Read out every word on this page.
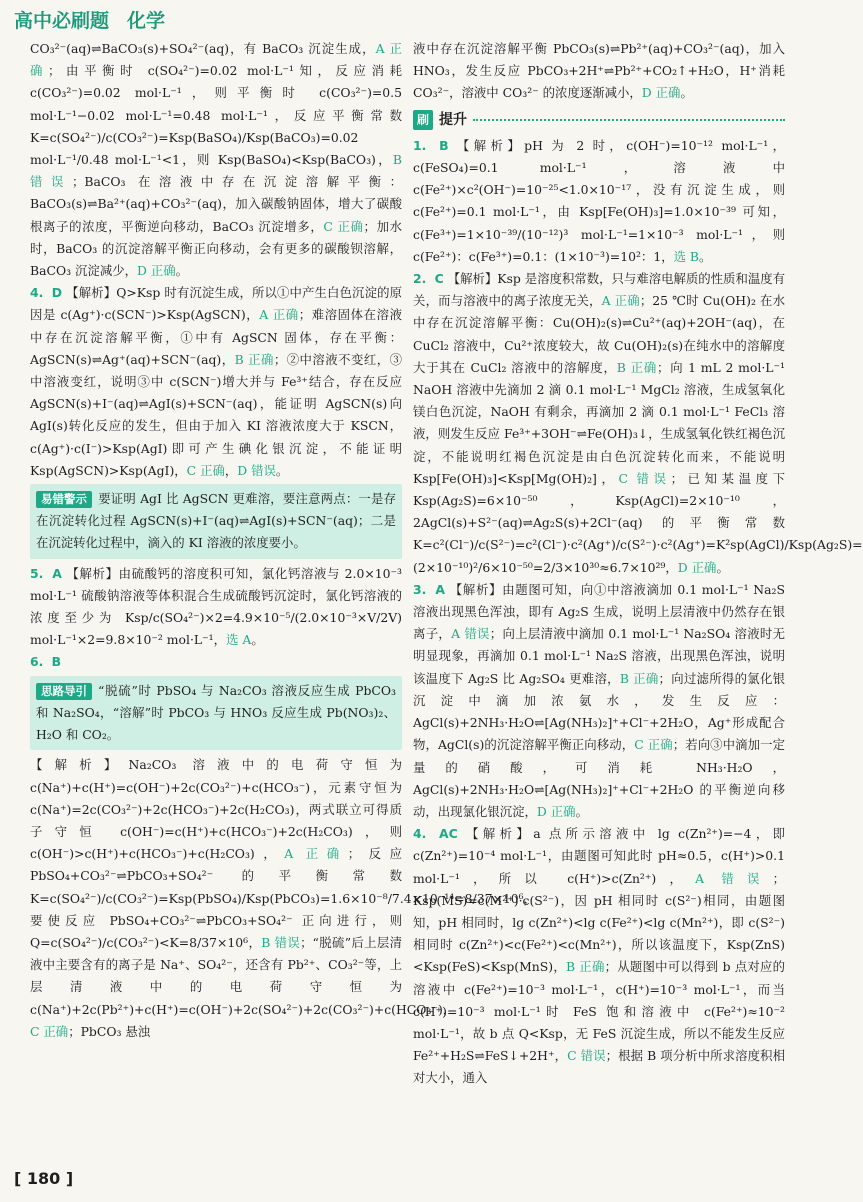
高中必刷题 化学

CO₃²⁻(aq)⇌BaCO₃(s)+SO₄²⁻(aq)，有 BaCO₃ 沉淀生成，A 正确；由平衡时 c(SO₄²⁻)=0.02 mol·L⁻¹知，反应消耗 c(CO₃²⁻)=0.02 mol·L⁻¹，则平衡时 c(CO₃²⁻)=0.5 mol·L⁻¹−0.02 mol·L⁻¹=0.48 mol·L⁻¹，反应平衡常数 K=c(SO₄²⁻)/c(CO₃²⁻)=Ksp(BaSO₄)/Ksp(BaCO₃)=0.02 mol·L⁻¹/0.48 mol·L⁻¹<1，则 Ksp(BaSO₄)<Ksp(BaCO₃)，B 错误；BaCO₃ 在溶液中存在沉淀溶解平衡：BaCO₃(s)⇌Ba²⁺(aq)+CO₃²⁻(aq)，加入碳酸钠固体，增大了碳酸根离子的浓度，平衡逆向移动，BaCO₃ 沉淀增多，C 正确；加水时，BaCO₃ 的沉淀溶解平衡正向移动，会有更多的碳酸钡溶解，BaCO₃ 沉淀减少，D 正确。

4. D 【解析】Q>Ksp 时有沉淀生成，所以①中产生白色沉淀的原因是 c(Ag⁺)·c(SCN⁻)>Ksp(AgSCN)，A 正确；难溶固体在溶液中存在沉淀溶解平衡，①中有 AgSCN 固体，存在平衡：AgSCN(s)⇌Ag⁺(aq)+SCN⁻(aq)，B 正确；②中溶液不变红，③中溶液变红，说明③中 c(SCN⁻)增大并与 Fe³⁺结合，存在反应 AgSCN(s)+I⁻(aq)⇌AgI(s)+SCN⁻(aq)，能证明 AgSCN(s)向 AgI(s)转化反应的发生，但由于加入 KI 溶液浓度大于 KSCN，c(Ag⁺)·c(I⁻)>Ksp(AgI)即可产生碘化银沉淀，不能证明 Ksp(AgSCN)>Ksp(AgI)，C 正确，D 错误。

易错警示 要证明 AgI 比 AgSCN 更难溶，要注意两点：一是存在沉淀转化过程 AgSCN(s)+I⁻(aq)⇌AgI(s)+SCN⁻(aq)；二是在沉淀转化过程中，滴入的 KI 溶液的浓度要小。

5. A 【解析】由硫酸钙的溶度积可知，氯化钙溶液与 2.0×10⁻³ mol·L⁻¹ 硫酸钠溶液等体积混合生成硫酸钙沉淀时，氯化钙溶液的浓度至少为 Ksp/c(SO₄²⁻)×2=4.9×10⁻⁵/(2.0×10⁻³×V/2V) mol·L⁻¹×2=9.8×10⁻² mol·L⁻¹，选 A。

6. B

思路导引 “脱硫”时 PbSO₄ 与 Na₂CO₃ 溶液反应生成 PbCO₃ 和 Na₂SO₄，“溶解”时 PbCO₃ 与 HNO₃ 反应生成 Pb(NO₃)₂、H₂O 和 CO₂。

【解析】Na₂CO₃ 溶液中的电荷守恒为 c(Na⁺)+c(H⁺)=c(OH⁻)+2c(CO₃²⁻)+c(HCO₃⁻)，元素守恒为 c(Na⁺)=2c(CO₃²⁻)+2c(HCO₃⁻)+2c(H₂CO₃)，两式联立可得质子守恒 c(OH⁻)=c(H⁺)+c(HCO₃⁻)+2c(H₂CO₃)，则 c(OH⁻)>c(H⁺)+c(HCO₃⁻)+c(H₂CO₃)，A 正确；反应 PbSO₄+CO₃²⁻⇌PbCO₃+SO₄²⁻ 的平衡常数 K=c(SO₄²⁻)/c(CO₃²⁻)=Ksp(PbSO₄)/Ksp(PbCO₃)=1.6×10⁻⁸/7.4×10⁻¹⁴=8/37×10⁶，要使反应 PbSO₄+CO₃²⁻⇌PbCO₃+SO₄²⁻ 正向进行，则 Q=c(SO₄²⁻)/c(CO₃²⁻)<K=8/37×10⁶，B 错误；“脱硫”后上层清液中主要含有的离子是 Na⁺、SO₄²⁻，还含有 Pb²⁺、CO₃²⁻等，上层清液中的电荷守恒为 c(Na⁺)+2c(Pb²⁺)+c(H⁺)=c(OH⁻)+2c(SO₄²⁻)+2c(CO₃²⁻)+c(HCO₃⁻)，C 正确；PbCO₃ 悬浊

液中存在沉淀溶解平衡 PbCO₃(s)⇌Pb²⁺(aq)+CO₃²⁻(aq)，加入 HNO₃，发生反应 PbCO₃+2H⁺⇌Pb²⁺+CO₂↑+H₂O，H⁺消耗 CO₃²⁻，溶液中 CO₃²⁻ 的浓度逐渐减小，D 正确。

刷 提升

1. B 【解析】pH 为 2 时，c(OH⁻)=10⁻¹² mol·L⁻¹，c(FeSO₄)=0.1 mol·L⁻¹，溶液中 c(Fe²⁺)×c²(OH⁻)=10⁻²⁵<1.0×10⁻¹⁷，没有沉淀生成，则 c(Fe²⁺)=0.1 mol·L⁻¹，由 Ksp[Fe(OH)₃]=1.0×10⁻³⁹ 可知，c(Fe³⁺)=1×10⁻³⁹/(10⁻¹²)³ mol·L⁻¹=1×10⁻³ mol·L⁻¹，则 c(Fe²⁺)：c(Fe³⁺)=0.1：(1×10⁻³)=10²：1，选 B。

2. C 【解析】Ksp 是溶度积常数，只与难溶电解质的性质和温度有关，而与溶液中的离子浓度无关，A 正确；25 ℃时 Cu(OH)₂ 在水中存在沉淀溶解平衡：Cu(OH)₂(s)⇌Cu²⁺(aq)+2OH⁻(aq)，在 CuCl₂ 溶液中，Cu²⁺浓度较大，故 Cu(OH)₂(s)在纯水中的溶解度大于其在 CuCl₂ 溶液中的溶解度，B 正确；向 1 mL 2 mol·L⁻¹ NaOH 溶液中先滴加 2 滴 0.1 mol·L⁻¹ MgCl₂ 溶液，生成氢氧化镁白色沉淀，NaOH 有剩余，再滴加 2 滴 0.1 mol·L⁻¹ FeCl₃ 溶液，则发生反应 Fe³⁺+3OH⁻⇌Fe(OH)₃↓，生成氢氧化铁红褐色沉淀，不能说明红褐色沉淀是由白色沉淀转化而来，不能说明 Ksp[Fe(OH)₃]<Ksp[Mg(OH)₂]，C 错误；已知某温度下 Ksp(Ag₂S)=6×10⁻⁵⁰，Ksp(AgCl)=2×10⁻¹⁰，2AgCl(s)+S²⁻(aq)⇌Ag₂S(s)+2Cl⁻(aq) 的平衡常数 K=c²(Cl⁻)/c(S²⁻)=c²(Cl⁻)·c²(Ag⁺)/c(S²⁻)·c²(Ag⁺)=K²sp(AgCl)/Ksp(Ag₂S)=(2×10⁻¹⁰)²/6×10⁻⁵⁰=2/3×10³⁰≈6.7×10²⁹，D 正确。

3. A 【解析】由题图可知，向①中溶液滴加 0.1 mol·L⁻¹ Na₂S 溶液出现黑色浑浊，即有 Ag₂S 生成，说明上层清液中仍然存在银离子，A 错误；向上层清液中滴加 0.1 mol·L⁻¹ Na₂SO₄ 溶液时无明显现象，再滴加 0.1 mol·L⁻¹ Na₂S 溶液，出现黑色浑浊，说明该温度下 Ag₂S 比 Ag₂SO₄ 更难溶，B 正确；向过滤所得的氯化银沉淀中滴加浓氨水，发生反应：AgCl(s)+2NH₃·H₂O⇌[Ag(NH₃)₂]⁺+Cl⁻+2H₂O，Ag⁺形成配合物，AgCl(s)的沉淀溶解平衡正向移动，C 正确；若向③中滴加一定量的硝酸，可消耗 NH₃·H₂O，AgCl(s)+2NH₃·H₂O⇌[Ag(NH₃)₂]⁺+Cl⁻+2H₂O 的平衡逆向移动，出现氯化银沉淀，D 正确。

4. AC 【解析】a 点所示溶液中 lg c(Zn²⁺)=−4，即 c(Zn²⁺)=10⁻⁴ mol·L⁻¹，由题图可知此时 pH≈0.5，c(H⁺)>0.1 mol·L⁻¹，所以 c(H⁺)>c(Zn²⁺)，A 错误；Ksp(MS)=c(M²⁺)·c(S²⁻)，因 pH 相同时 c(S²⁻)相同，由题图知，pH 相同时，lg c(Zn²⁺)<lg c(Fe²⁺)<lg c(Mn²⁺)，即 c(S²⁻)相同时 c(Zn²⁺)<c(Fe²⁺)<c(Mn²⁺)，所以该温度下，Ksp(ZnS)<Ksp(FeS)<Ksp(MnS)，B 正确；从题图中可以得到 b 点对应的溶液中 c(Fe²⁺)=10⁻³ mol·L⁻¹，c(H⁺)=10⁻³ mol·L⁻¹，而当 c(H⁺)=10⁻³ mol·L⁻¹时 FeS 饱和溶液中 c(Fe²⁺)≈10⁻² mol·L⁻¹，故 b 点 Q<Ksp，无 FeS 沉淀生成，所以不能发生反应 Fe²⁺+H₂S⇌FeS↓+2H⁺，C 错误；根据 B 项分析中所求溶度积相对大小，通入

[ 180 ]
